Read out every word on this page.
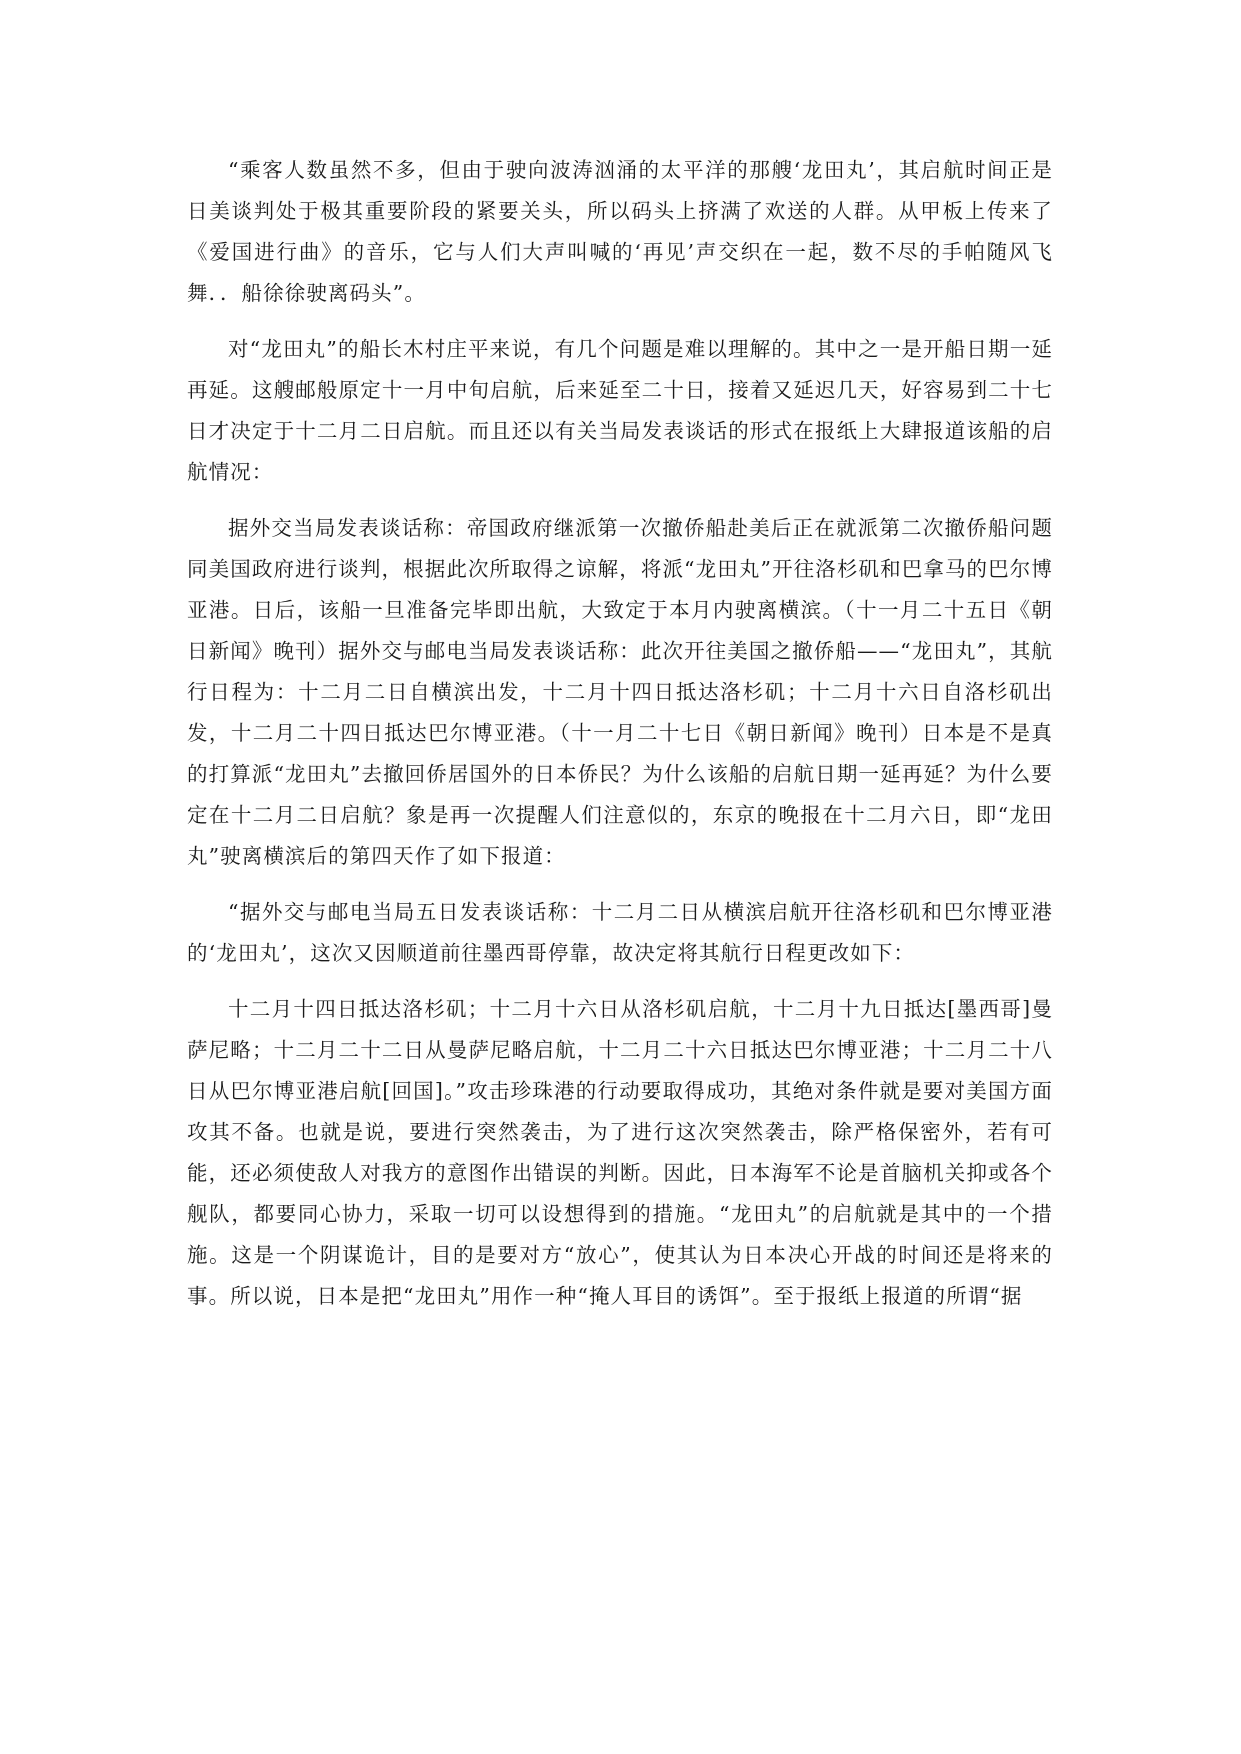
“乘客人数虽然不多，但由于驶向波涛汹涌的太平洋的那艘‘龙田丸’，其启航时间正是日美谈判处于极其重要阶段的紧要关头，所以码头上挤满了欢送的人群。从甲板上传来了《爱国进行曲》的音乐，它与人们大声叫喊的‘再见’声交织在一起，数不尽的手帕随风飞舞．．船徐徐驶离码头”。

对“龙田丸”的船长木村庄平来说，有几个问题是难以理解的。其中之一是开船日期一延再延。这艘邮般原定十一月中旬启航，后来延至二十日，接着又延迟几天，好容易到二十七日才决定于十二月二日启航。而且还以有关当局发表谈话的形式在报纸上大肆报道该船的启航情况：

据外交当局发表谈话称：帝国政府继派第一次撤侨船赴美后正在就派第二次撤侨船问题同美国政府进行谈判，根据此次所取得之谅解，将派“龙田丸”开往洛杉矶和巴拿马的巴尔博亚港。日后，该船一旦准备完毕即出航，大致定于本月内驶离横滨。（十一月二十五日《朝日新闻》晚刊）据外交与邮电当局发表谈话称：此次开往美国之撤侨船——“龙田丸”，其航行日程为：十二月二日自横滨出发，十二月十四日抵达洛杉矶；十二月十六日自洛杉矶出发，十二月二十四日抵达巴尔博亚港。（十一月二十七日《朝日新闻》晚刊）日本是不是真的打算派“龙田丸”去撤回侨居国外的日本侨民？为什么该船的启航日期一延再延？为什么要定在十二月二日启航？象是再一次提醒人们注意似的，东京的晚报在十二月六日，即“龙田丸”驶离横滨后的第四天作了如下报道：

“据外交与邮电当局五日发表谈话称：十二月二日从横滨启航开往洛杉矶和巴尔博亚港的‘龙田丸’，这次又因顺道前往墨西哥停靠，故决定将其航行日程更改如下：

十二月十四日抵达洛杉矶；十二月十六日从洛杉矶启航，十二月十九日抵达[墨西哥]曼萨尼略；十二月二十二日从曼萨尼略启航，十二月二十六日抵达巴尔博亚港；十二月二十八日从巴尔博亚港启航[回国]。”攻击珍珠港的行动要取得成功，其绝对条件就是要对美国方面攻其不备。也就是说，要进行突然袭击，为了进行这次突然袭击，除严格保密外，若有可能，还必须使敌人对我方的意图作出错误的判断。因此，日本海军不论是首脑机关抑或各个舰队，都要同心协力，采取一切可以设想得到的措施。“龙田丸”的启航就是其中的一个措施。这是一个阴谋诡计，目的是要对方“放心”，使其认为日本决心开战的时间还是将来的事。所以说，日本是把“龙田丸”用作一种“掩人耳目的诱饵”。至于报纸上报道的所谓“据
